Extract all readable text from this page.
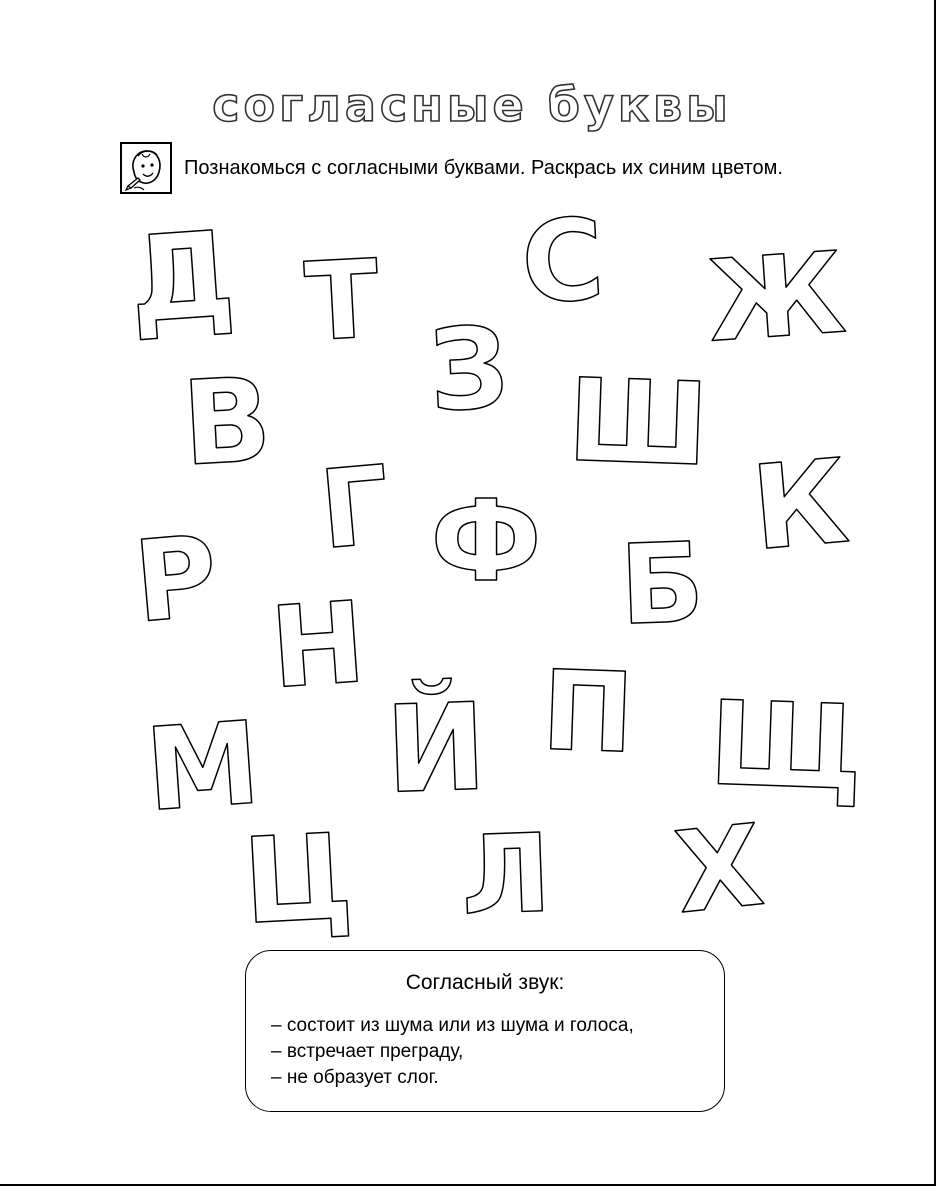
согласные буквы
Познакомься с согласными буквами. Раскрась их синим цветом.
Д Т С Ж
З
В	Ш
Г	К
Р Ф Б
Н
Й П Щ
М
Ц Л Х
Согласный звук:
– состоит из шума или из шума и голоса,
– встречает преграду,
– не образует слог.
